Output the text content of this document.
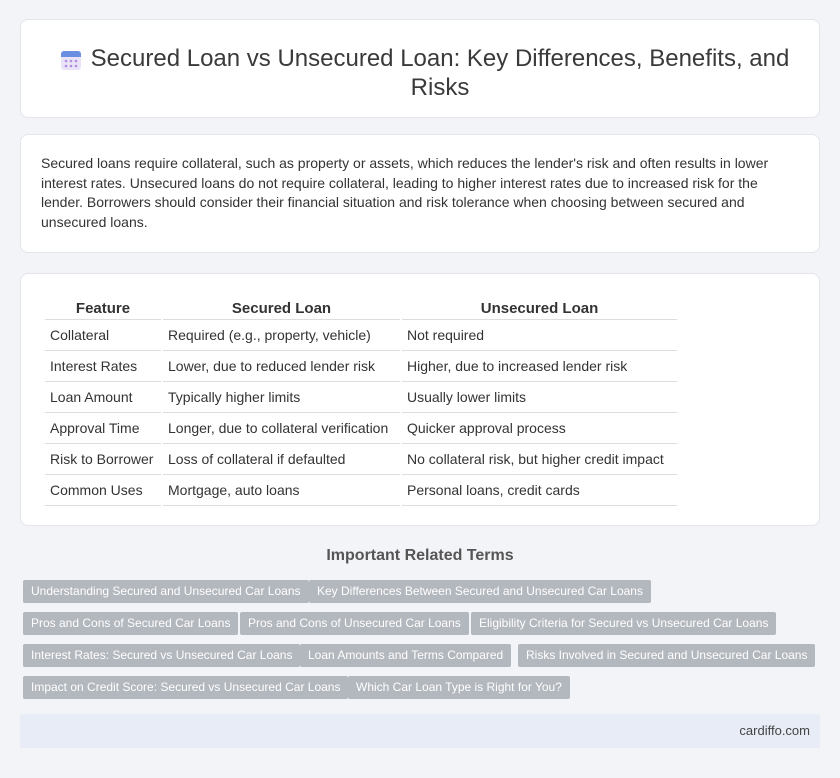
Secured Loan vs Unsecured Loan: Key Differences, Benefits, and Risks

Secured loans require collateral, such as property or assets, which reduces the lender's risk and often results in lower interest rates. Unsecured loans do not require collateral, leading to higher interest rates due to increased risk for the lender. Borrowers should consider their financial situation and risk tolerance when choosing between secured and unsecured loans.

Feature	Secured Loan	Unsecured Loan
Collateral	Required (e.g., property, vehicle)	Not required
Interest Rates	Lower, due to reduced lender risk	Higher, due to increased lender risk
Loan Amount	Typically higher limits	Usually lower limits
Approval Time	Longer, due to collateral verification	Quicker approval process
Risk to Borrower	Loss of collateral if defaulted	No collateral risk, but higher credit impact
Common Uses	Mortgage, auto loans	Personal loans, credit cards
Important Related Terms
Understanding Secured and Unsecured Car Loans	Key Differences Between Secured and Unsecured Car Loans
Pros and Cons of Secured Car Loans	Pros and Cons of Unsecured Car Loans	Eligibility Criteria for Secured vs Unsecured Car Loans
Interest Rates: Secured vs Unsecured Car Loans	Loan Amounts and Terms Compared	Risks Involved in Secured and Unsecured Car Loans
Impact on Credit Score: Secured vs Unsecured Car Loans	Which Car Loan Type is Right for You?
cardiffo.com
